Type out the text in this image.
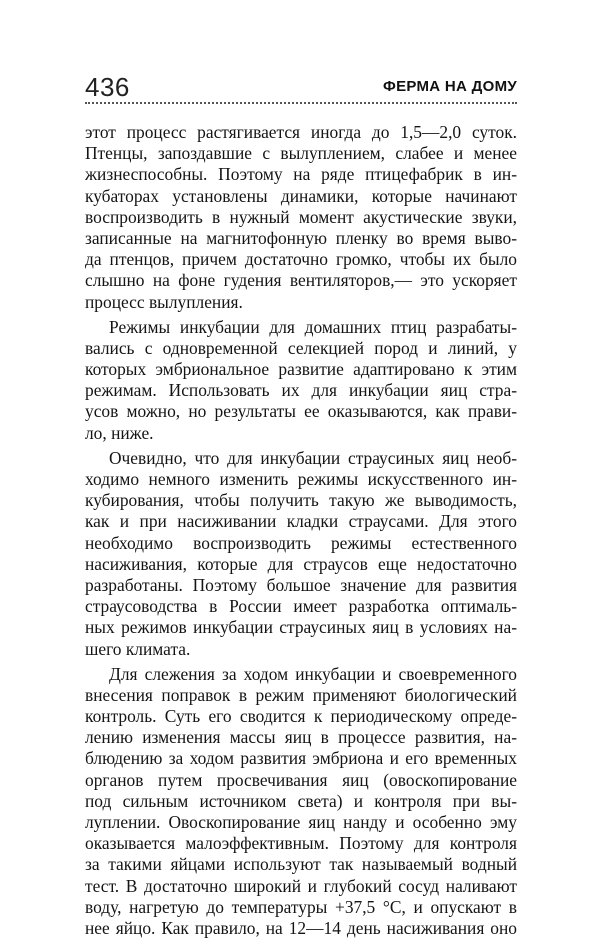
436	ФЕРМА НА ДОМУ
этот процесс растягивается иногда до 1,5—2,0 суток.
Птенцы, запоздавшие с вылуплением, слабее и менее
жизнеспособны. Поэтому на ряде птицефабрик в ин-
кубаторах установлены динамики, которые начинают
воспроизводить в нужный момент акустические звуки,
записанные на магнитофонную пленку во время выво-
да птенцов, причем достаточно громко, чтобы их было
слышно на фоне гудения вентиляторов,— это ускоряет
процесс вылупления.
Режимы инкубации для домашних птиц разрабаты-
вались с одновременной селекцией пород и линий, у
которых эмбриональное развитие адаптировано к этим
режимам. Использовать их для инкубации яиц стра-
усов можно, но результаты ее оказываются, как прави-
ло, ниже.
Очевидно, что для инкубации страусиных яиц необ-
ходимо немного изменить режимы искусственного ин-
кубирования, чтобы получить такую же выводимость,
как и при насиживании кладки страусами. Для этого
необходимо воспроизводить режимы естественного
насиживания, которые для страусов еще недостаточно
разработаны. Поэтому большое значение для развития
страусоводства в России имеет разработка оптималь-
ных режимов инкубации страусиных яиц в условиях на-
шего климата.
Для слежения за ходом инкубации и своевременного
внесения поправок в режим применяют биологический
контроль. Суть его сводится к периодическому опреде-
лению изменения массы яиц в процессе развития, на-
блюдению за ходом развития эмбриона и его временных
органов путем просвечивания яиц (овоскопирование
под сильным источником света) и контроля при вы-
луплении. Овоскопирование яиц нанду и особенно эму
оказывается малоэффективным. Поэтому для контроля
за такими яйцами используют так называемый водный
тест. В достаточно широкий и глубокий сосуд наливают
воду, нагретую до температуры +37,5 °С, и опускают в
нее яйцо. Как правило, на 12—14 день насиживания оно
